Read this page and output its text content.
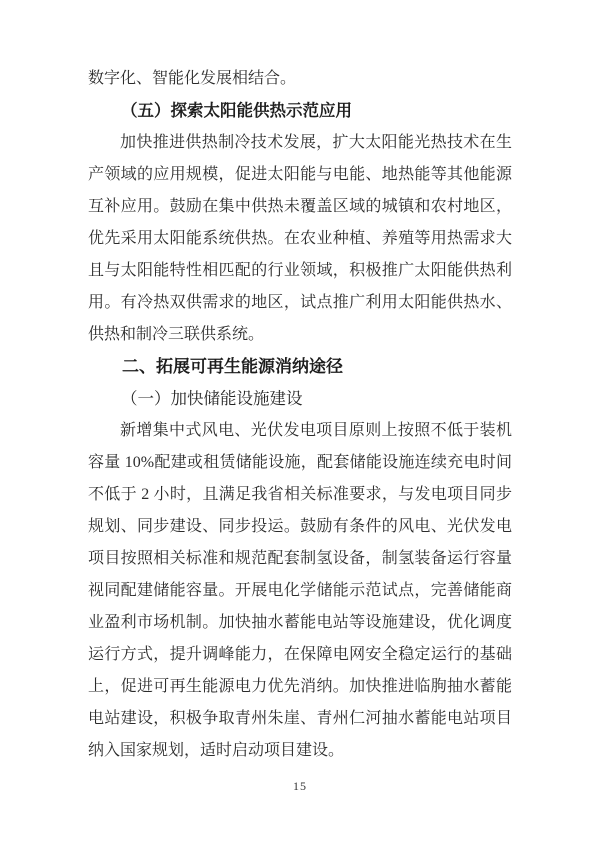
数字化、智能化发展相结合。
（五）探索太阳能供热示范应用
加快推进供热制冷技术发展，扩大太阳能光热技术在生
产领域的应用规模，促进太阳能与电能、地热能等其他能源
互补应用。鼓励在集中供热未覆盖区域的城镇和农村地区，
优先采用太阳能系统供热。在农业种植、养殖等用热需求大
且与太阳能特性相匹配的行业领域，积极推广太阳能供热利
用。有冷热双供需求的地区，试点推广利用太阳能供热水、
供热和制冷三联供系统。
二、拓展可再生能源消纳途径
（一）加快储能设施建设
新增集中式风电、光伏发电项目原则上按照不低于装机
容量 10%配建或租赁储能设施，配套储能设施连续充电时间
不低于 2 小时，且满足我省相关标准要求，与发电项目同步
规划、同步建设、同步投运。鼓励有条件的风电、光伏发电
项目按照相关标准和规范配套制氢设备，制氢装备运行容量
视同配建储能容量。开展电化学储能示范试点，完善储能商
业盈利市场机制。加快抽水蓄能电站等设施建设，优化调度
运行方式，提升调峰能力，在保障电网安全稳定运行的基础
上，促进可再生能源电力优先消纳。加快推进临朐抽水蓄能
电站建设，积极争取青州朱崖、青州仁河抽水蓄能电站项目
纳入国家规划，适时启动项目建设。
15
